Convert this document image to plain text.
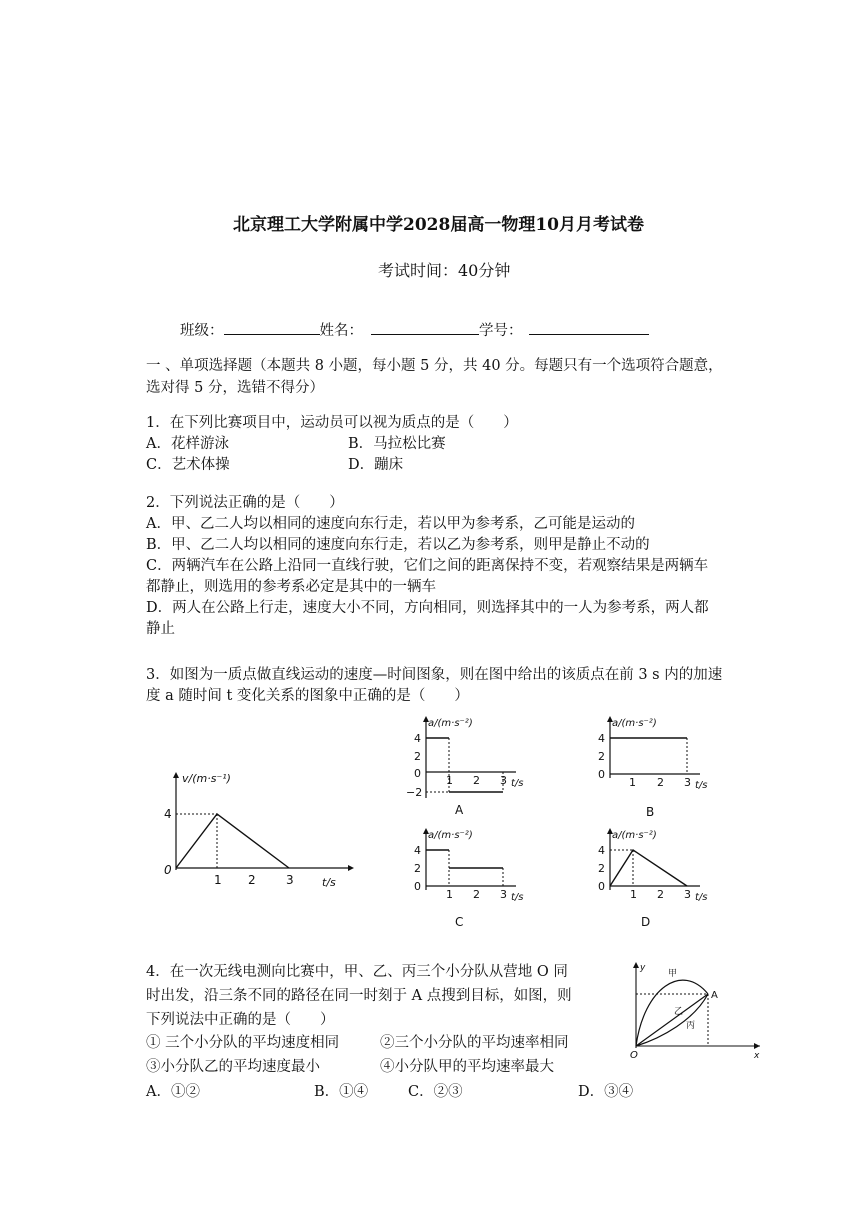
北京理工大学附属中学2028届高一物理10月月考试卷
考试时间：40分钟
班级：	姓名：	学号：
一 、单项选择题（本题共 8 小题，每小题 5 分，共 40 分。每题只有一个选项符合题意，
选对得 5 分，选错不得分）
1．在下列比赛项目中，运动员可以视为质点的是（　　）
A．花样游泳	B．马拉松比赛
C．艺术体操	D．蹦床
2．下列说法正确的是（　　）
A．甲、乙二人均以相同的速度向东行走，若以甲为参考系，乙可能是运动的
B．甲、乙二人均以相同的速度向东行走，若以乙为参考系，则甲是静止不动的
C．两辆汽车在公路上沿同一直线行驶，它们之间的距离保持不变，若观察结果是两辆车
都静止，则选用的参考系必定是其中的一辆车
D．两人在公路上行走，速度大小不同，方向相同，则选择其中的一人为参考系，两人都
静止
3．如图为一质点做直线运动的速度—时间图象，则在图中给出的该质点在前 3 s 内的加速
度 a 随时间 t 变化关系的图象中正确的是（　　）
v/(m·s⁻¹)
4
0
1 2	3	t/s
a/(m·s⁻²)
4
2
0
−2
1 2 3 t/s
A
a/(m·s⁻²)
4
2
0
1 2 3 t/s
B
a/(m·s⁻²)
4
2
0
1 2 3 t/s
C
a/(m·s⁻²)
4
2
0
1 2 3 t/s
D
4．在一次无线电测向比赛中，甲、乙、丙三个小分队从营地 O 同
时出发，沿三条不同的路径在同一时刻于 A 点搜到目标，如图，则
下列说法中正确的是（　　）
① 三个小分队的平均速度相同	②三个小分队的平均速率相同
③小分队乙的平均速度最小	④小分队甲的平均速率最大
A．①②	B．①④	C．②③	D．③④
y
x
O
A
甲
乙
丙
